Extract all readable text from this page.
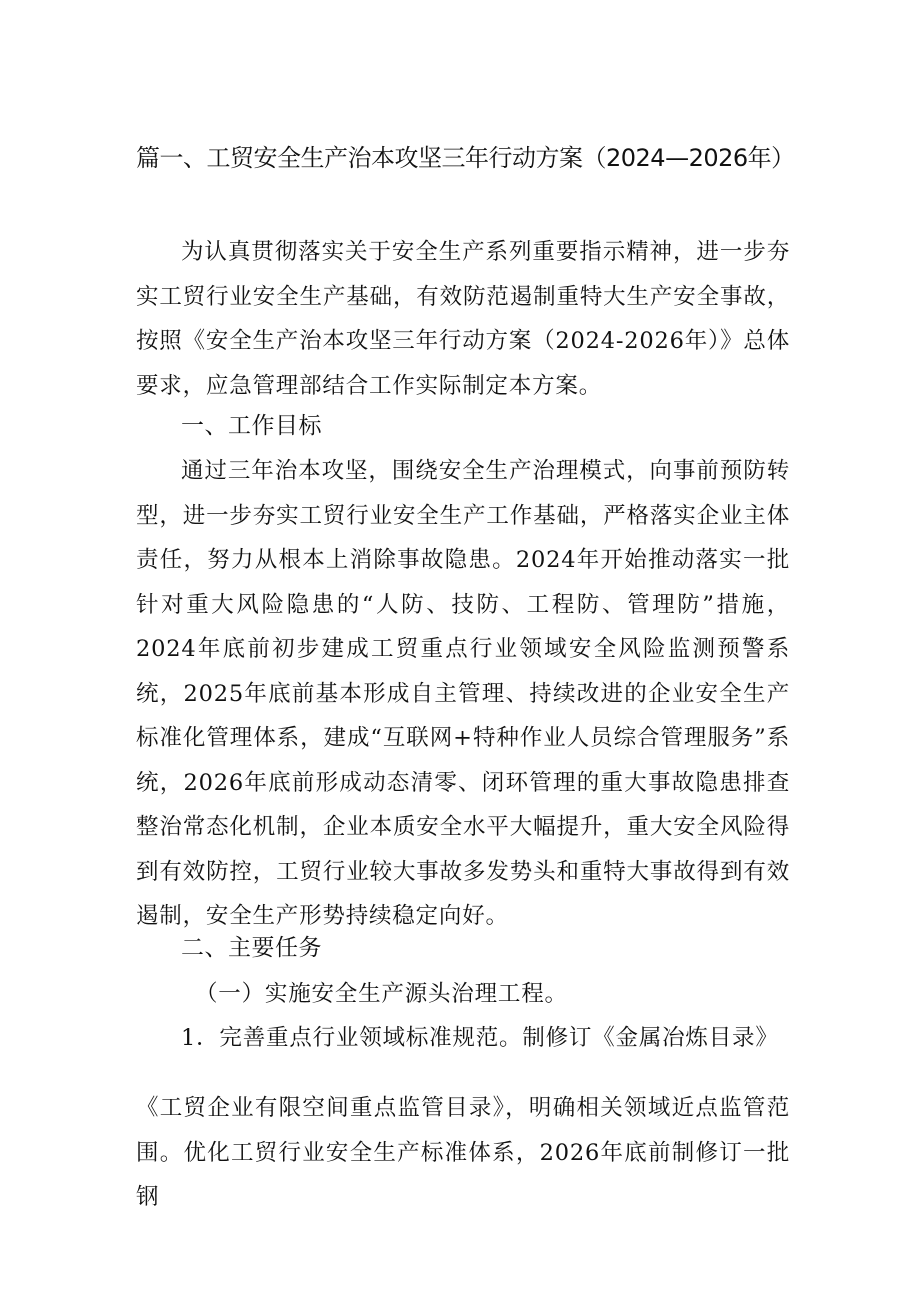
篇一、工贸安全生产治本攻坚三年行动方案（2024—2026年）
为认真贯彻落实关于安全生产系列重要指示精神，进一步夯实工贸行业安全生产基础，有效防范遏制重特大生产安全事故，按照《安全生产治本攻坚三年行动方案（2024-2026年）》总体要求，应急管理部结合工作实际制定本方案。
一、工作目标
通过三年治本攻坚，围绕安全生产治理模式，向事前预防转型，进一步夯实工贸行业安全生产工作基础，严格落实企业主体责任，努力从根本上消除事故隐患。2024年开始推动落实一批针对重大风险隐患的“人防、技防、工程防、管理防”措施，2024年底前初步建成工贸重点行业领域安全风险监测预警系统，2025年底前基本形成自主管理、持续改进的企业安全生产标准化管理体系，建成“互联网+特种作业人员综合管理服务”系统，2026年底前形成动态清零、闭环管理的重大事故隐患排查整治常态化机制，企业本质安全水平大幅提升，重大安全风险得到有效防控，工贸行业较大事故多发势头和重特大事故得到有效遏制，安全生产形势持续稳定向好。
二、主要任务
（一）实施安全生产源头治理工程。
1．完善重点行业领域标准规范。制修订《金属冶炼目录》
《工贸企业有限空间重点监管目录》，明确相关领域近点监管范围。优化工贸行业安全生产标准体系，2026年底前制修订一批钢
